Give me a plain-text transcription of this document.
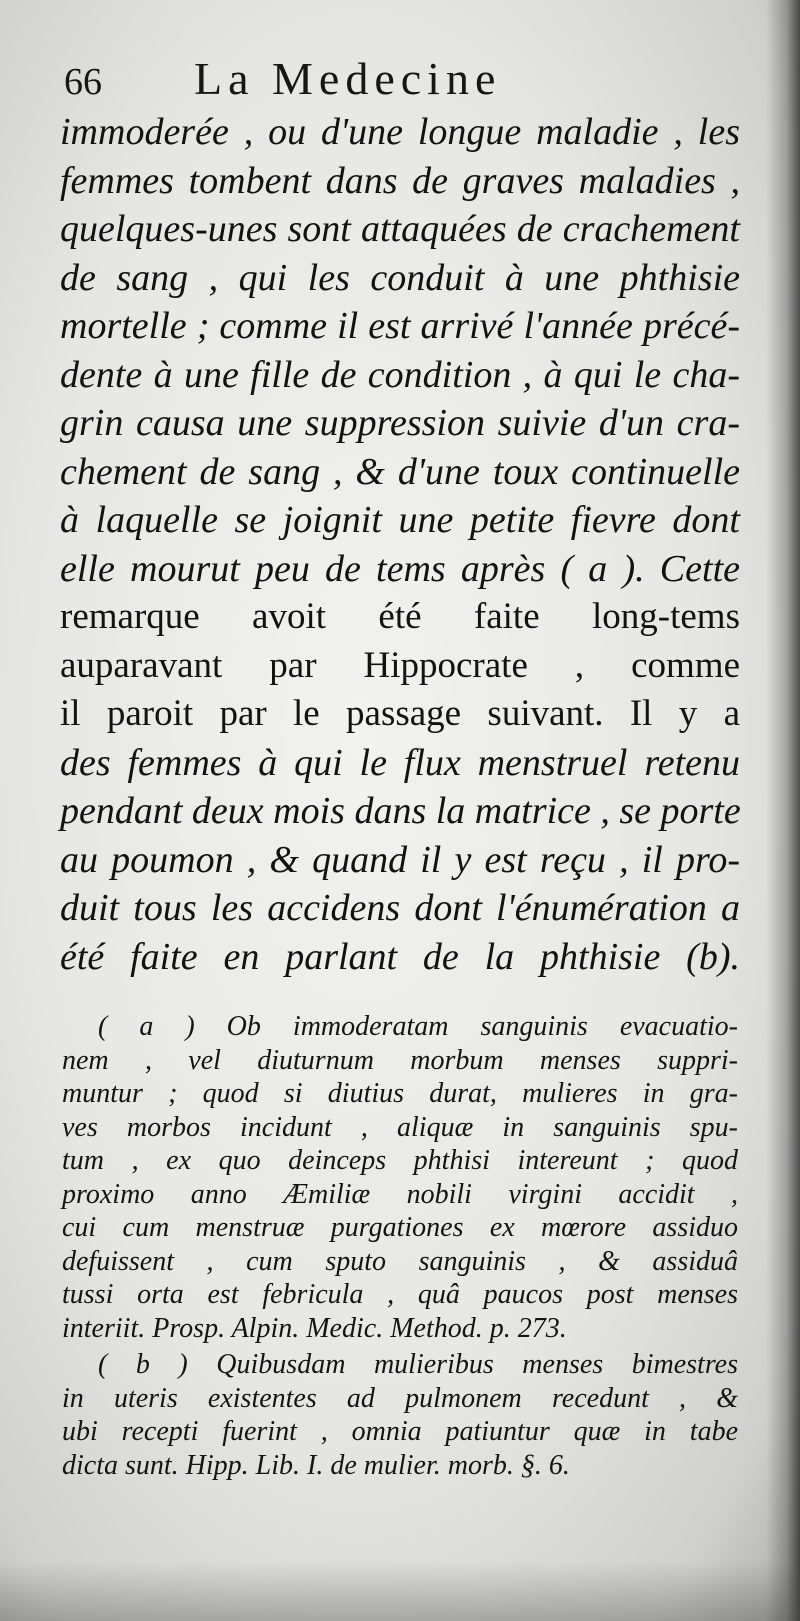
66 La Medecine
immoderée , ou d'une longue maladie , les
femmes tombent dans de graves maladies ,
quelques-unes sont attaquées de crachement
de sang , qui les conduit à une phthisie
mortelle ; comme il est arrivé l'année précé-
dente à une fille de condition , à qui le cha-
grin causa une suppression suivie d'un cra-
chement de sang , & d'une toux continuelle
à laquelle se joignit une petite fievre dont
elle mourut peu de tems après ( a ). Cette
remarque avoit été faite long-tems
auparavant par Hippocrate , comme
il paroit par le passage suivant. Il y a
des femmes à qui le flux menstruel retenu
pendant deux mois dans la matrice , se porte
au poumon , & quand il y est reçu , il pro-
duit tous les accidens dont l'énumération a
été faite en parlant de la phthisie (b).
( a ) Ob immoderatam sanguinis evacuatio-
nem , vel diuturnum morbum menses suppri-
muntur ; quod si diutius durat, mulieres in gra-
ves morbos incidunt , aliquæ in sanguinis spu-
tum , ex quo deinceps phthisi intereunt ; quod
proximo anno Æmiliæ nobili virgini accidit ,
cui cum menstruæ purgationes ex mœrore assiduo
defuissent , cum sputo sanguinis , & assiduâ
tussi orta est febricula , quâ paucos post menses
interiit. Prosp. Alpin. Medic. Method. p. 273.
( b ) Quibusdam mulieribus menses bimestres
in uteris existentes ad pulmonem recedunt , &
ubi recepti fuerint , omnia patiuntur quæ in tabe
dicta sunt. Hipp. Lib. I. de mulier. morb. §. 6.
